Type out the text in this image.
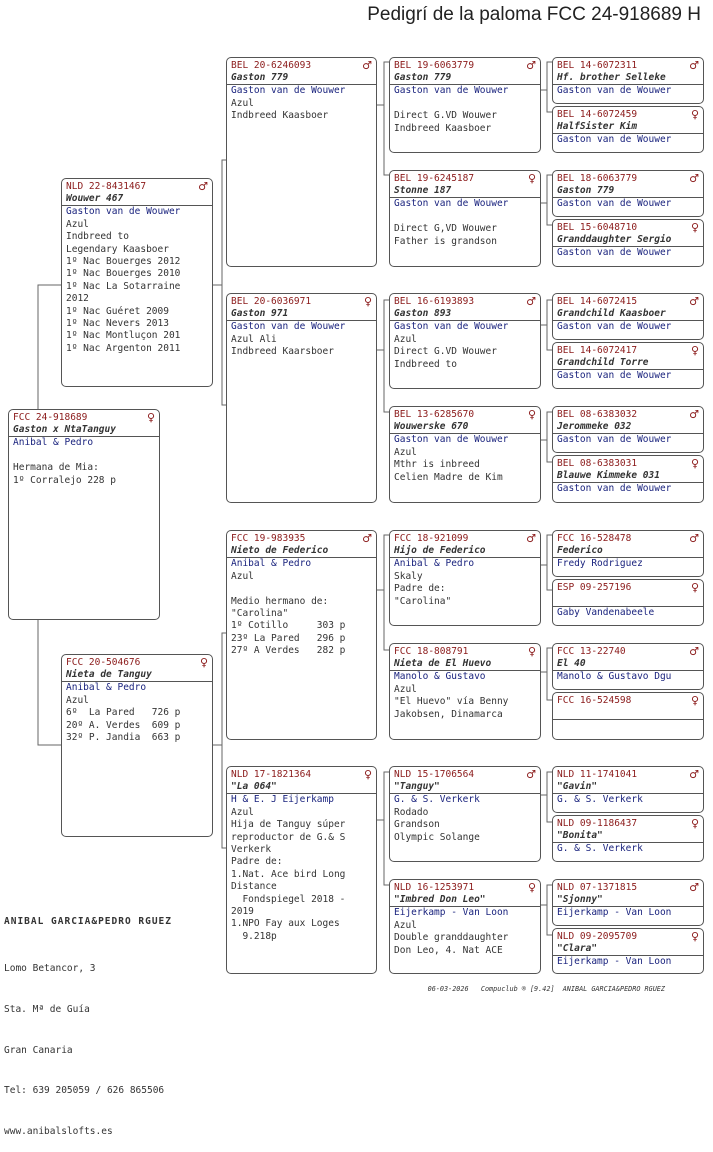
Pedigrí de la paloma FCC 24-918689 H
FCC 24-918689	♀
Gaston x NtaTanguy
Anibal & Pedro
Hermana de Mia:
1º Corralejo 228 p
NLD 22-8431467	♂
Wouwer 467
Gaston van de Wouwer
Azul
Indbreed to
Legendary Kaasboer
1º Nac Bouerges 2012
1º Nac Bouerges 2010
1º Nac La Sotarraine
2012
1º Nac Guéret 2009
1º Nac Nevers 2013
1º Nac Montluçon 201
1º Nac Argenton 2011
FCC 20-504676	♀
Nieta de Tanguy
Anibal & Pedro
Azul
6º  La Pared   726 p
20º A. Verdes  609 p
32º P. Jandia  663 p
BEL 20-6246093	♂
Gaston 779
Gaston van de Wouwer
Azul
Indbreed Kaasboer
BEL 20-6036971	♀
Gaston 971
Gaston van de Wouwer
Azul Ali
Indbreed Kaarsboer
FCC 19-983935	♂
Nieto de Federico
Anibal & Pedro
Azul
Medio hermano de:
"Carolina"
1º Cotillo     303 p
23º La Pared   296 p
27º A Verdes   282 p
NLD 17-1821364	♀
"La 064"
H & E. J Eijerkamp
Azul
Hija de Tanguy súper
reproductor de G.& S
Verkerk
Padre de:
1.Nat. Ace bird Long
Distance
Fondspiegel 2018 -
2019
1.NPO Fay aux Loges
9.218p
BEL 19-6063779	♂
Gaston 779
Gaston van de Wouwer
Direct G.VD Wouwer
Indbreed Kaasboer
BEL 19-6245187	♀
Stonne 187
Gaston van de Wouwer
Direct G,VD Wouwer
Father is grandson
BEL 16-6193893	♂
Gaston 893
Gaston van de Wouwer
Azul
Direct G.VD Wouwer
Indbreed to
BEL 13-6285670	♀
Wouwerske 670
Gaston van de Wouwer
Azul
Mthr is inbreed
Celien Madre de Kim
FCC 18-921099	♂
Hijo de Federico
Anibal & Pedro
Skaly
Padre de:
"Carolina"
FCC 18-808791	♀
Nieta de El Huevo
Manolo & Gustavo
Azul
"El Huevo" vía Benny
Jakobsen, Dinamarca
NLD 15-1706564	♂
"Tanguy"
G. & S. Verkerk
Rodado
Grandson
Olympic Solange
NLD 16-1253971	♀
"Imbred Don Leo"
Eijerkamp - Van Loon
Azul
Double granddaughter
Don Leo, 4. Nat ACE
BEL 14-6072311	♂
Hf. brother Selleke
Gaston van de Wouwer
BEL 14-6072459	♀
HalfSister Kim
Gaston van de Wouwer
BEL 18-6063779	♂
Gaston 779
Gaston van de Wouwer
BEL 15-6048710	♀
Granddaughter Sergio
Gaston van de Wouwer
BEL 14-6072415	♂
Grandchild Kaasboer
Gaston van de Wouwer
BEL 14-6072417	♀
Grandchild Torre
Gaston van de Wouwer
BEL 08-6383032	♂
Jerommeke 032
Gaston van de Wouwer
BEL 08-6383031	♀
Blauwe Kimmeke 031
Gaston van de Wouwer
FCC 16-528478	♂
Federico
Fredy Rodriguez
ESP 09-257196	♀
Gaby Vandenabeele
FCC 13-22740	♂
El 40
Manolo & Gustavo Dgu
FCC 16-524598	♀
NLD 11-1741041	♂
"Gavin"
G. & S. Verkerk
NLD 09-1186437	♀
"Bonita"
G. & S. Verkerk
NLD 07-1371815	♂
"Sjonny"
Eijerkamp - Van Loon
NLD 09-2095709	♀
"Clara"
Eijerkamp - Van Loon

ANIBAL GARCIA&PEDRO RGUEZ

Lomo Betancor, 3

Sta. Mª de Guía

Gran Canaria

Tel: 639 205059 / 626 865506

www.anibalslofts.es

06-03-2026   Compuclub ® [9.42]  ANIBAL GARCIA&PEDRO RGUEZ
